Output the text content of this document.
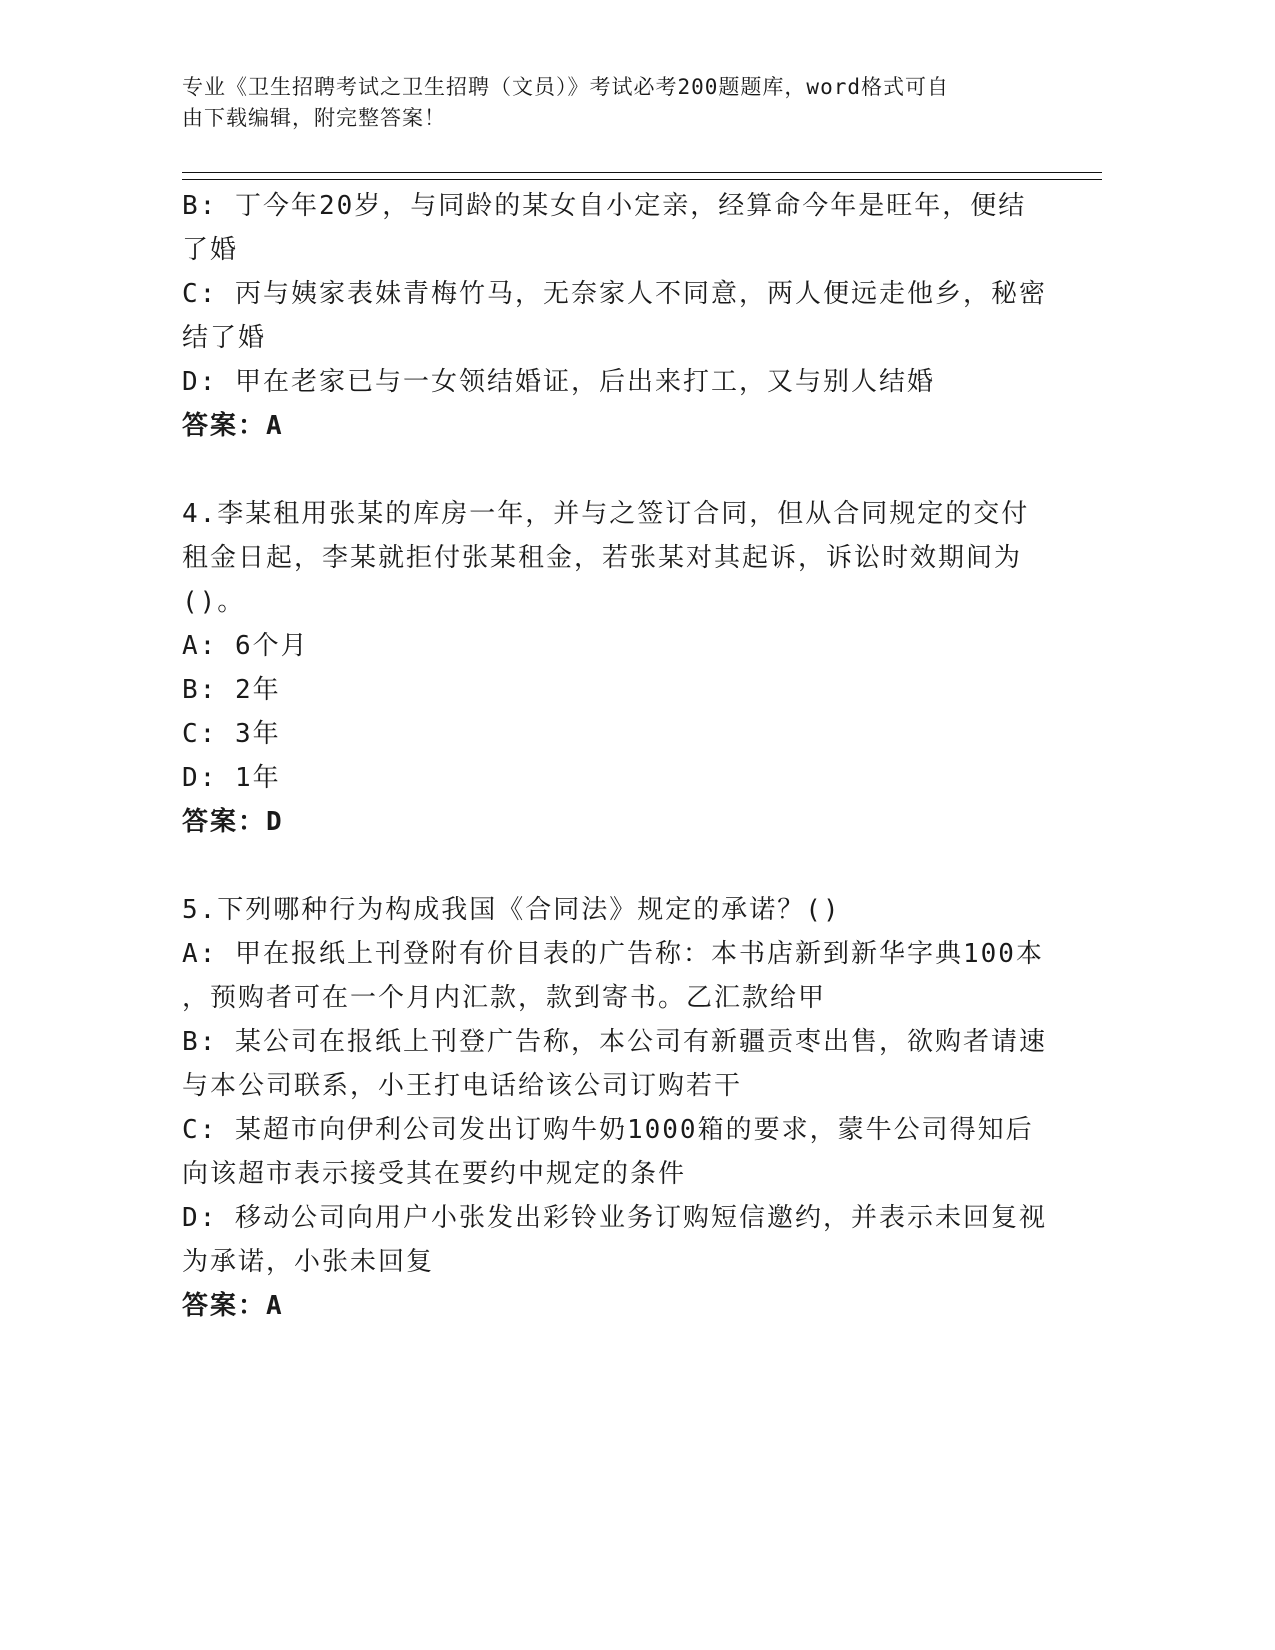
专业《卫生招聘考试之卫生招聘（文员）》考试必考200题题库，word格式可自
由下载编辑，附完整答案！
B: 丁今年20岁，与同龄的某女自小定亲，经算命今年是旺年，便结
了婚
C: 丙与姨家表妹青梅竹马，无奈家人不同意，两人便远走他乡，秘密
结了婚
D: 甲在老家已与一女领结婚证，后出来打工，又与别人结婚
答案：A
4.李某租用张某的库房一年，并与之签订合同，但从合同规定的交付
租金日起，李某就拒付张某租金，若张某对其起诉，诉讼时效期间为
()。
A: 6个月
B: 2年
C: 3年
D: 1年
答案：D
5.下列哪种行为构成我国《合同法》规定的承诺？()
A: 甲在报纸上刊登附有价目表的广告称：本书店新到新华字典100本
，预购者可在一个月内汇款，款到寄书。乙汇款给甲
B: 某公司在报纸上刊登广告称，本公司有新疆贡枣出售，欲购者请速
与本公司联系，小王打电话给该公司订购若干
C: 某超市向伊利公司发出订购牛奶1000箱的要求，蒙牛公司得知后
向该超市表示接受其在要约中规定的条件
D: 移动公司向用户小张发出彩铃业务订购短信邀约，并表示未回复视
为承诺，小张未回复
答案：A
